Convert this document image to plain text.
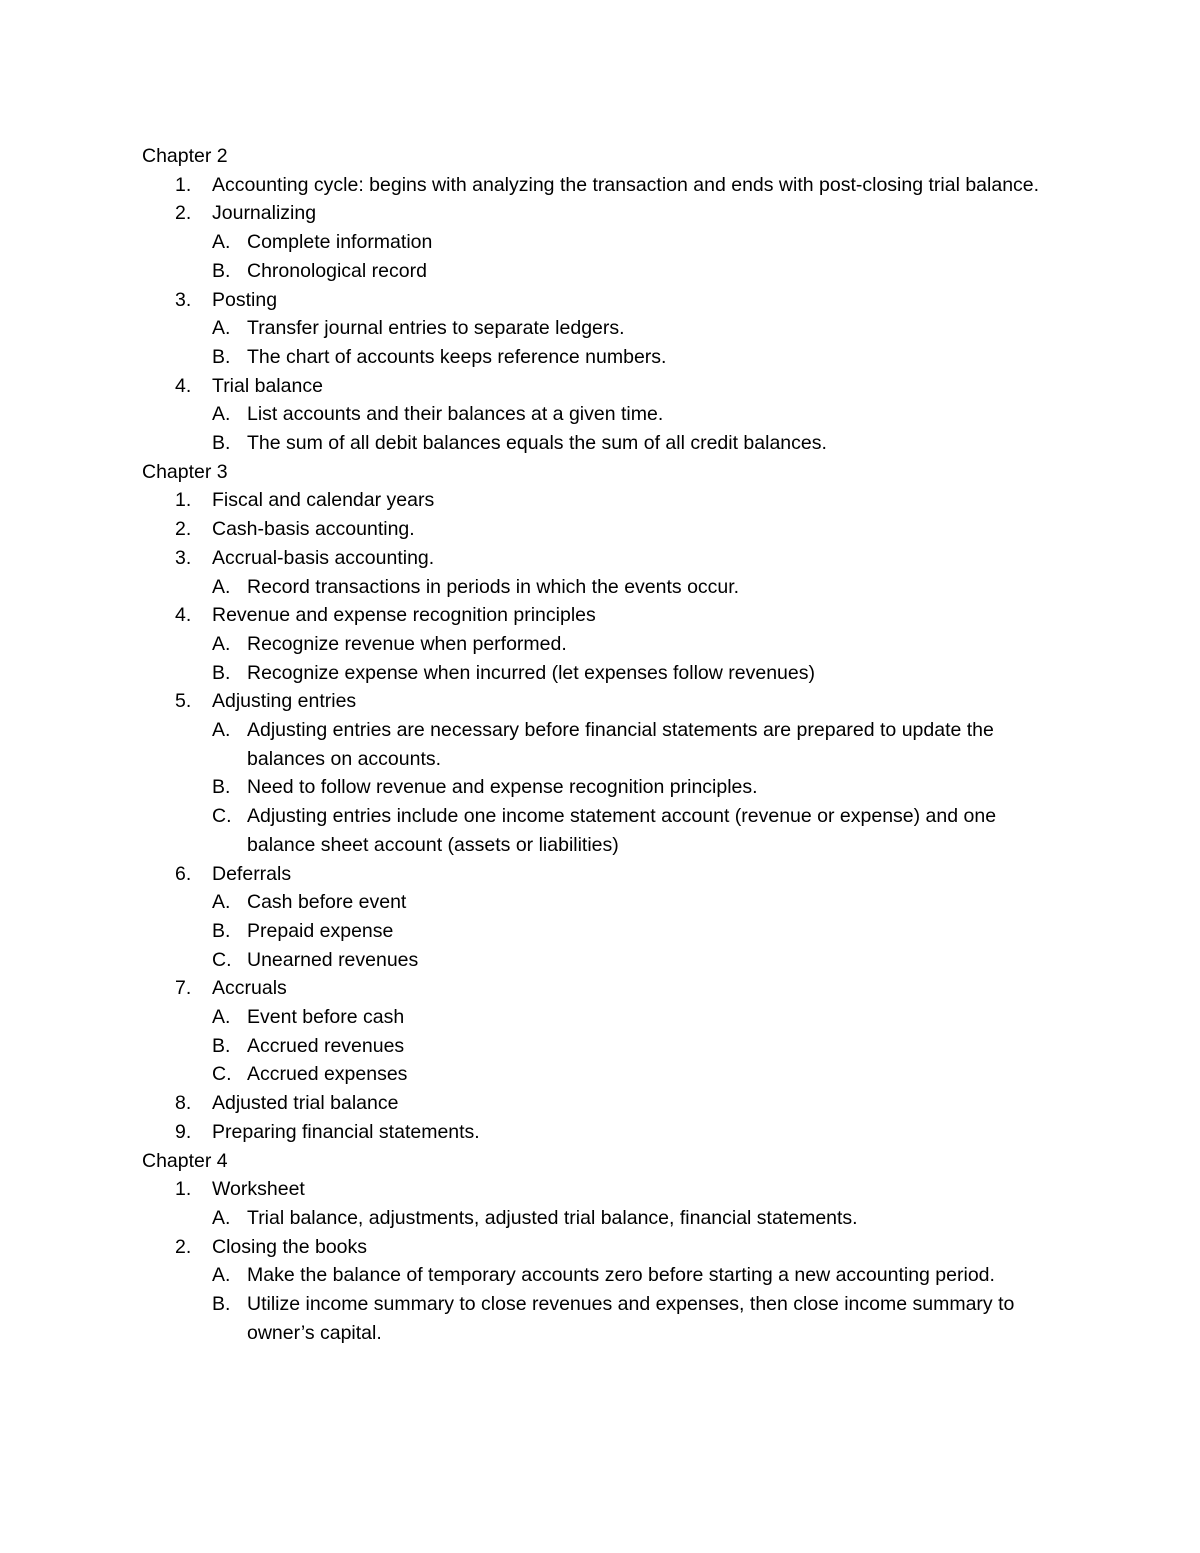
Chapter 2
1. Accounting cycle: begins with analyzing the transaction and ends with post-closing trial balance.
2. Journalizing
A. Complete information
B. Chronological record
3. Posting
A. Transfer journal entries to separate ledgers.
B. The chart of accounts keeps reference numbers.
4. Trial balance
A. List accounts and their balances at a given time.
B. The sum of all debit balances equals the sum of all credit balances.
Chapter 3
1. Fiscal and calendar years
2. Cash-basis accounting.
3. Accrual-basis accounting.
A. Record transactions in periods in which the events occur.
4. Revenue and expense recognition principles
A. Recognize revenue when performed.
B. Recognize expense when incurred (let expenses follow revenues)
5. Adjusting entries
A. Adjusting entries are necessary before financial statements are prepared to update the balances on accounts.
B. Need to follow revenue and expense recognition principles.
C. Adjusting entries include one income statement account (revenue or expense) and one balance sheet account (assets or liabilities)
6. Deferrals
A. Cash before event
B. Prepaid expense
C. Unearned revenues
7. Accruals
A. Event before cash
B. Accrued revenues
C. Accrued expenses
8. Adjusted trial balance
9. Preparing financial statements.
Chapter 4
1. Worksheet
A. Trial balance, adjustments, adjusted trial balance, financial statements.
2. Closing the books
A. Make the balance of temporary accounts zero before starting a new accounting period.
B. Utilize income summary to close revenues and expenses, then close income summary to owner’s capital.
